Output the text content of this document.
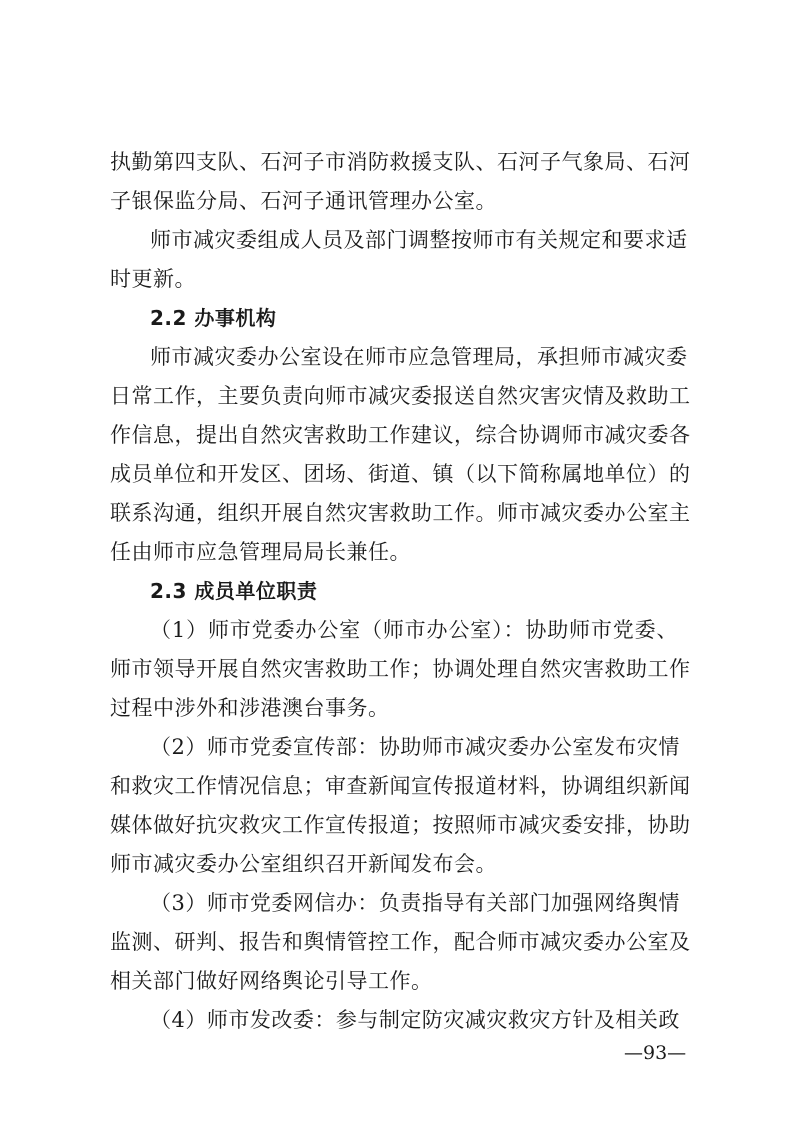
执勤第四支队、石河子市消防救援支队、石河子气象局、石河
子银保监分局、石河子通讯管理办公室。
师市减灾委组成人员及部门调整按师市有关规定和要求适
时更新。
2.2 办事机构
师市减灾委办公室设在师市应急管理局，承担师市减灾委
日常工作，主要负责向师市减灾委报送自然灾害灾情及救助工
作信息，提出自然灾害救助工作建议，综合协调师市减灾委各
成员单位和开发区、团场、街道、镇（以下简称属地单位）的
联系沟通，组织开展自然灾害救助工作。师市减灾委办公室主
任由师市应急管理局局长兼任。
2.3 成员单位职责
（1）师市党委办公室（师市办公室）：协助师市党委、
师市领导开展自然灾害救助工作；协调处理自然灾害救助工作
过程中涉外和涉港澳台事务。
（2）师市党委宣传部：协助师市减灾委办公室发布灾情
和救灾工作情况信息；审查新闻宣传报道材料，协调组织新闻
媒体做好抗灾救灾工作宣传报道；按照师市减灾委安排，协助
师市减灾委办公室组织召开新闻发布会。
（3）师市党委网信办：负责指导有关部门加强网络舆情
监测、研判、报告和舆情管控工作，配合师市减灾委办公室及
相关部门做好网络舆论引导工作。
（4）师市发改委：参与制定防灾减灾救灾方针及相关政
—93—
